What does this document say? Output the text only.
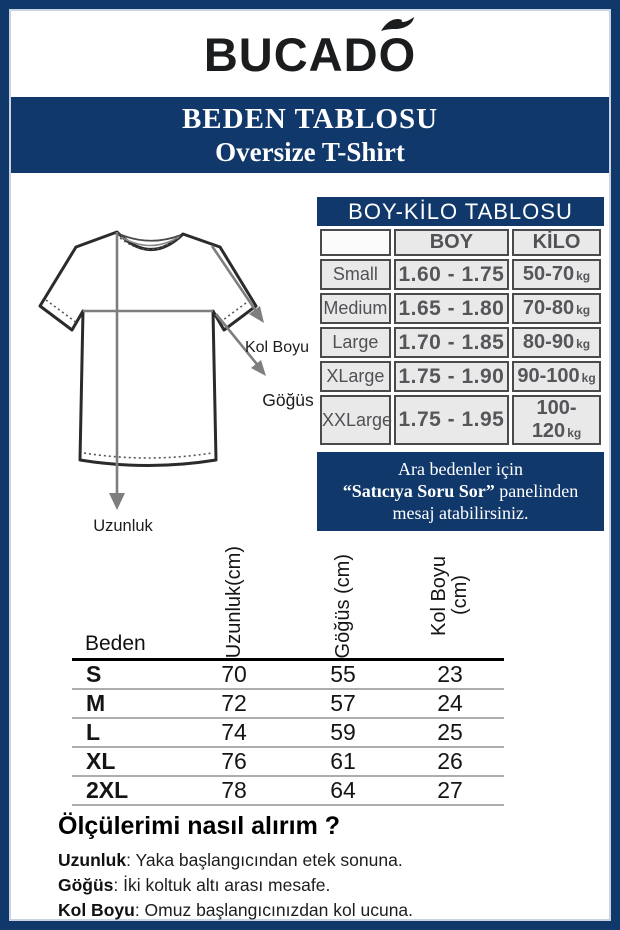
BUCAD O
BEDEN TABLOSU
Oversize T-Shirt
Kol Boyu
Göğüs
Uzunluk
BOY-KİLO TABLOSU
	BOY	KİLO
Small	1.60 - 1.75	50-70 kg
Medium	1.65 - 1.80	70-80 kg
Large	1.70 - 1.85	80-90 kg
XLarge	1.75 - 1.90	90-100 kg
XXLarge	1.75 - 1.95	100-120 kg
Ara bedenler için
“Satıcıya Soru Sor” panelinden
mesaj atabilirsiniz.
Beden	Uzunluk(cm)	Göğüs (cm)	Kol Boyu (cm)

S	70	55	23
M	72	57	24
L	74	59	25
XL	76	61	26
2XL	78	64	27
Ölçülerimi nasıl alırım ?

Uzunluk: Yaka başlangıcından etek sonuna.

Göğüs: İki koltuk altı arası mesafe.

Kol Boyu: Omuz başlangıcınızdan kol ucuna.
